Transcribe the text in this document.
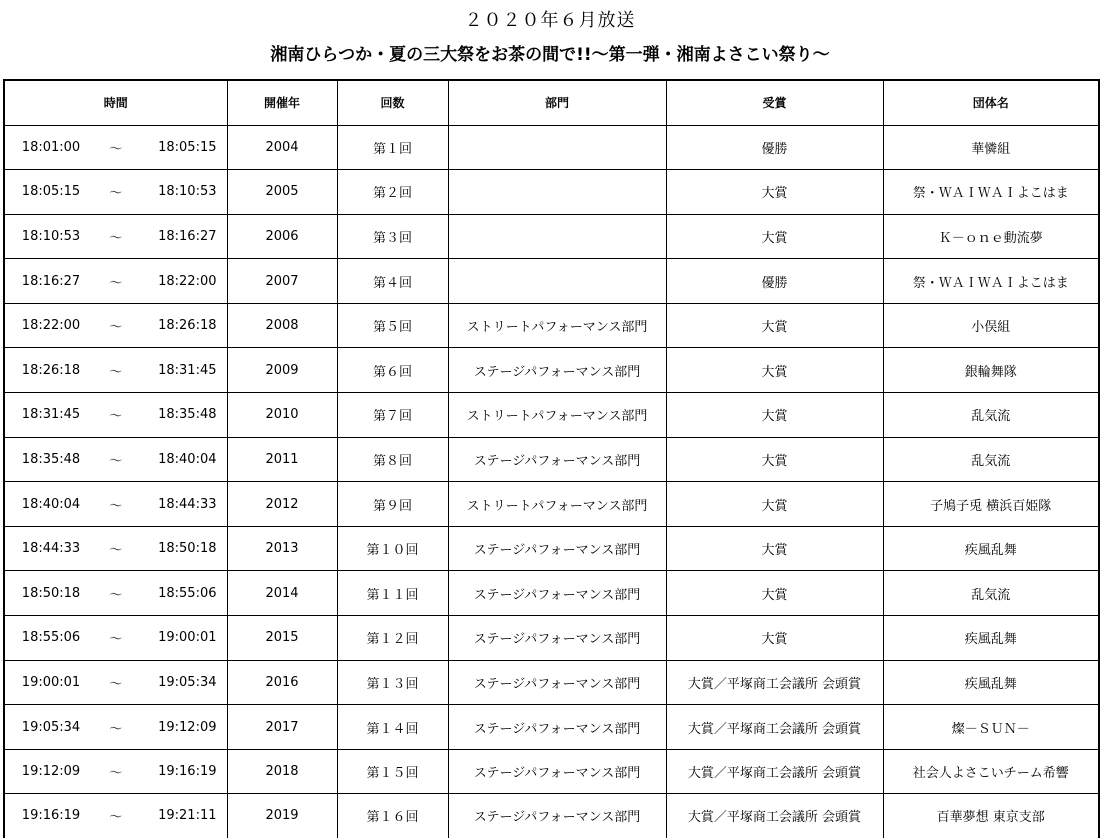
２０２０年６月放送
湘南ひらつか・夏の三大祭をお茶の間で!!～第一弾・湘南よさこい祭り～
時間	開催年	回数	部門	受賞	団体名

18:01:00 ～ 18:05:15	2004	第１回		優勝	華憐組

18:05:15 ～ 18:10:53	2005	第２回		大賞	祭・ＷＡＩＷＡＩよこはま

18:10:53 ～ 18:16:27	2006	第３回		大賞	Ｋ－ｏｎｅ動流夢

18:16:27 ～ 18:22:00	2007	第４回		優勝	祭・ＷＡＩＷＡＩよこはま

18:22:00 ～ 18:26:18	2008	第５回	ストリートパフォーマンス部門	大賞	小俣組

18:26:18 ～ 18:31:45	2009	第６回	ステージパフォーマンス部門	大賞	銀輪舞隊

18:31:45 ～ 18:35:48	2010	第７回	ストリートパフォーマンス部門	大賞	乱気流

18:35:48 ～ 18:40:04	2011	第８回	ステージパフォーマンス部門	大賞	乱気流

18:40:04 ～ 18:44:33	2012	第９回	ストリートパフォーマンス部門	大賞	子鳩子兎 横浜百姫隊

18:44:33 ～ 18:50:18	2013	第１０回	ステージパフォーマンス部門	大賞	疾風乱舞

18:50:18 ～ 18:55:06	2014	第１１回	ステージパフォーマンス部門	大賞	乱気流

18:55:06 ～ 19:00:01	2015	第１２回	ステージパフォーマンス部門	大賞	疾風乱舞

19:00:01 ～ 19:05:34	2016	第１３回	ステージパフォーマンス部門	大賞／平塚商工会議所 会頭賞	疾風乱舞

19:05:34 ～ 19:12:09	2017	第１４回	ステージパフォーマンス部門	大賞／平塚商工会議所 会頭賞	燦－ＳＵＮ－

19:12:09 ～ 19:16:19	2018	第１５回	ステージパフォーマンス部門	大賞／平塚商工会議所 会頭賞	社会人よさこいチーム希響

19:16:19 ～ 19:21:11	2019	第１６回	ステージパフォーマンス部門	大賞／平塚商工会議所 会頭賞	百華夢想 東京支部
